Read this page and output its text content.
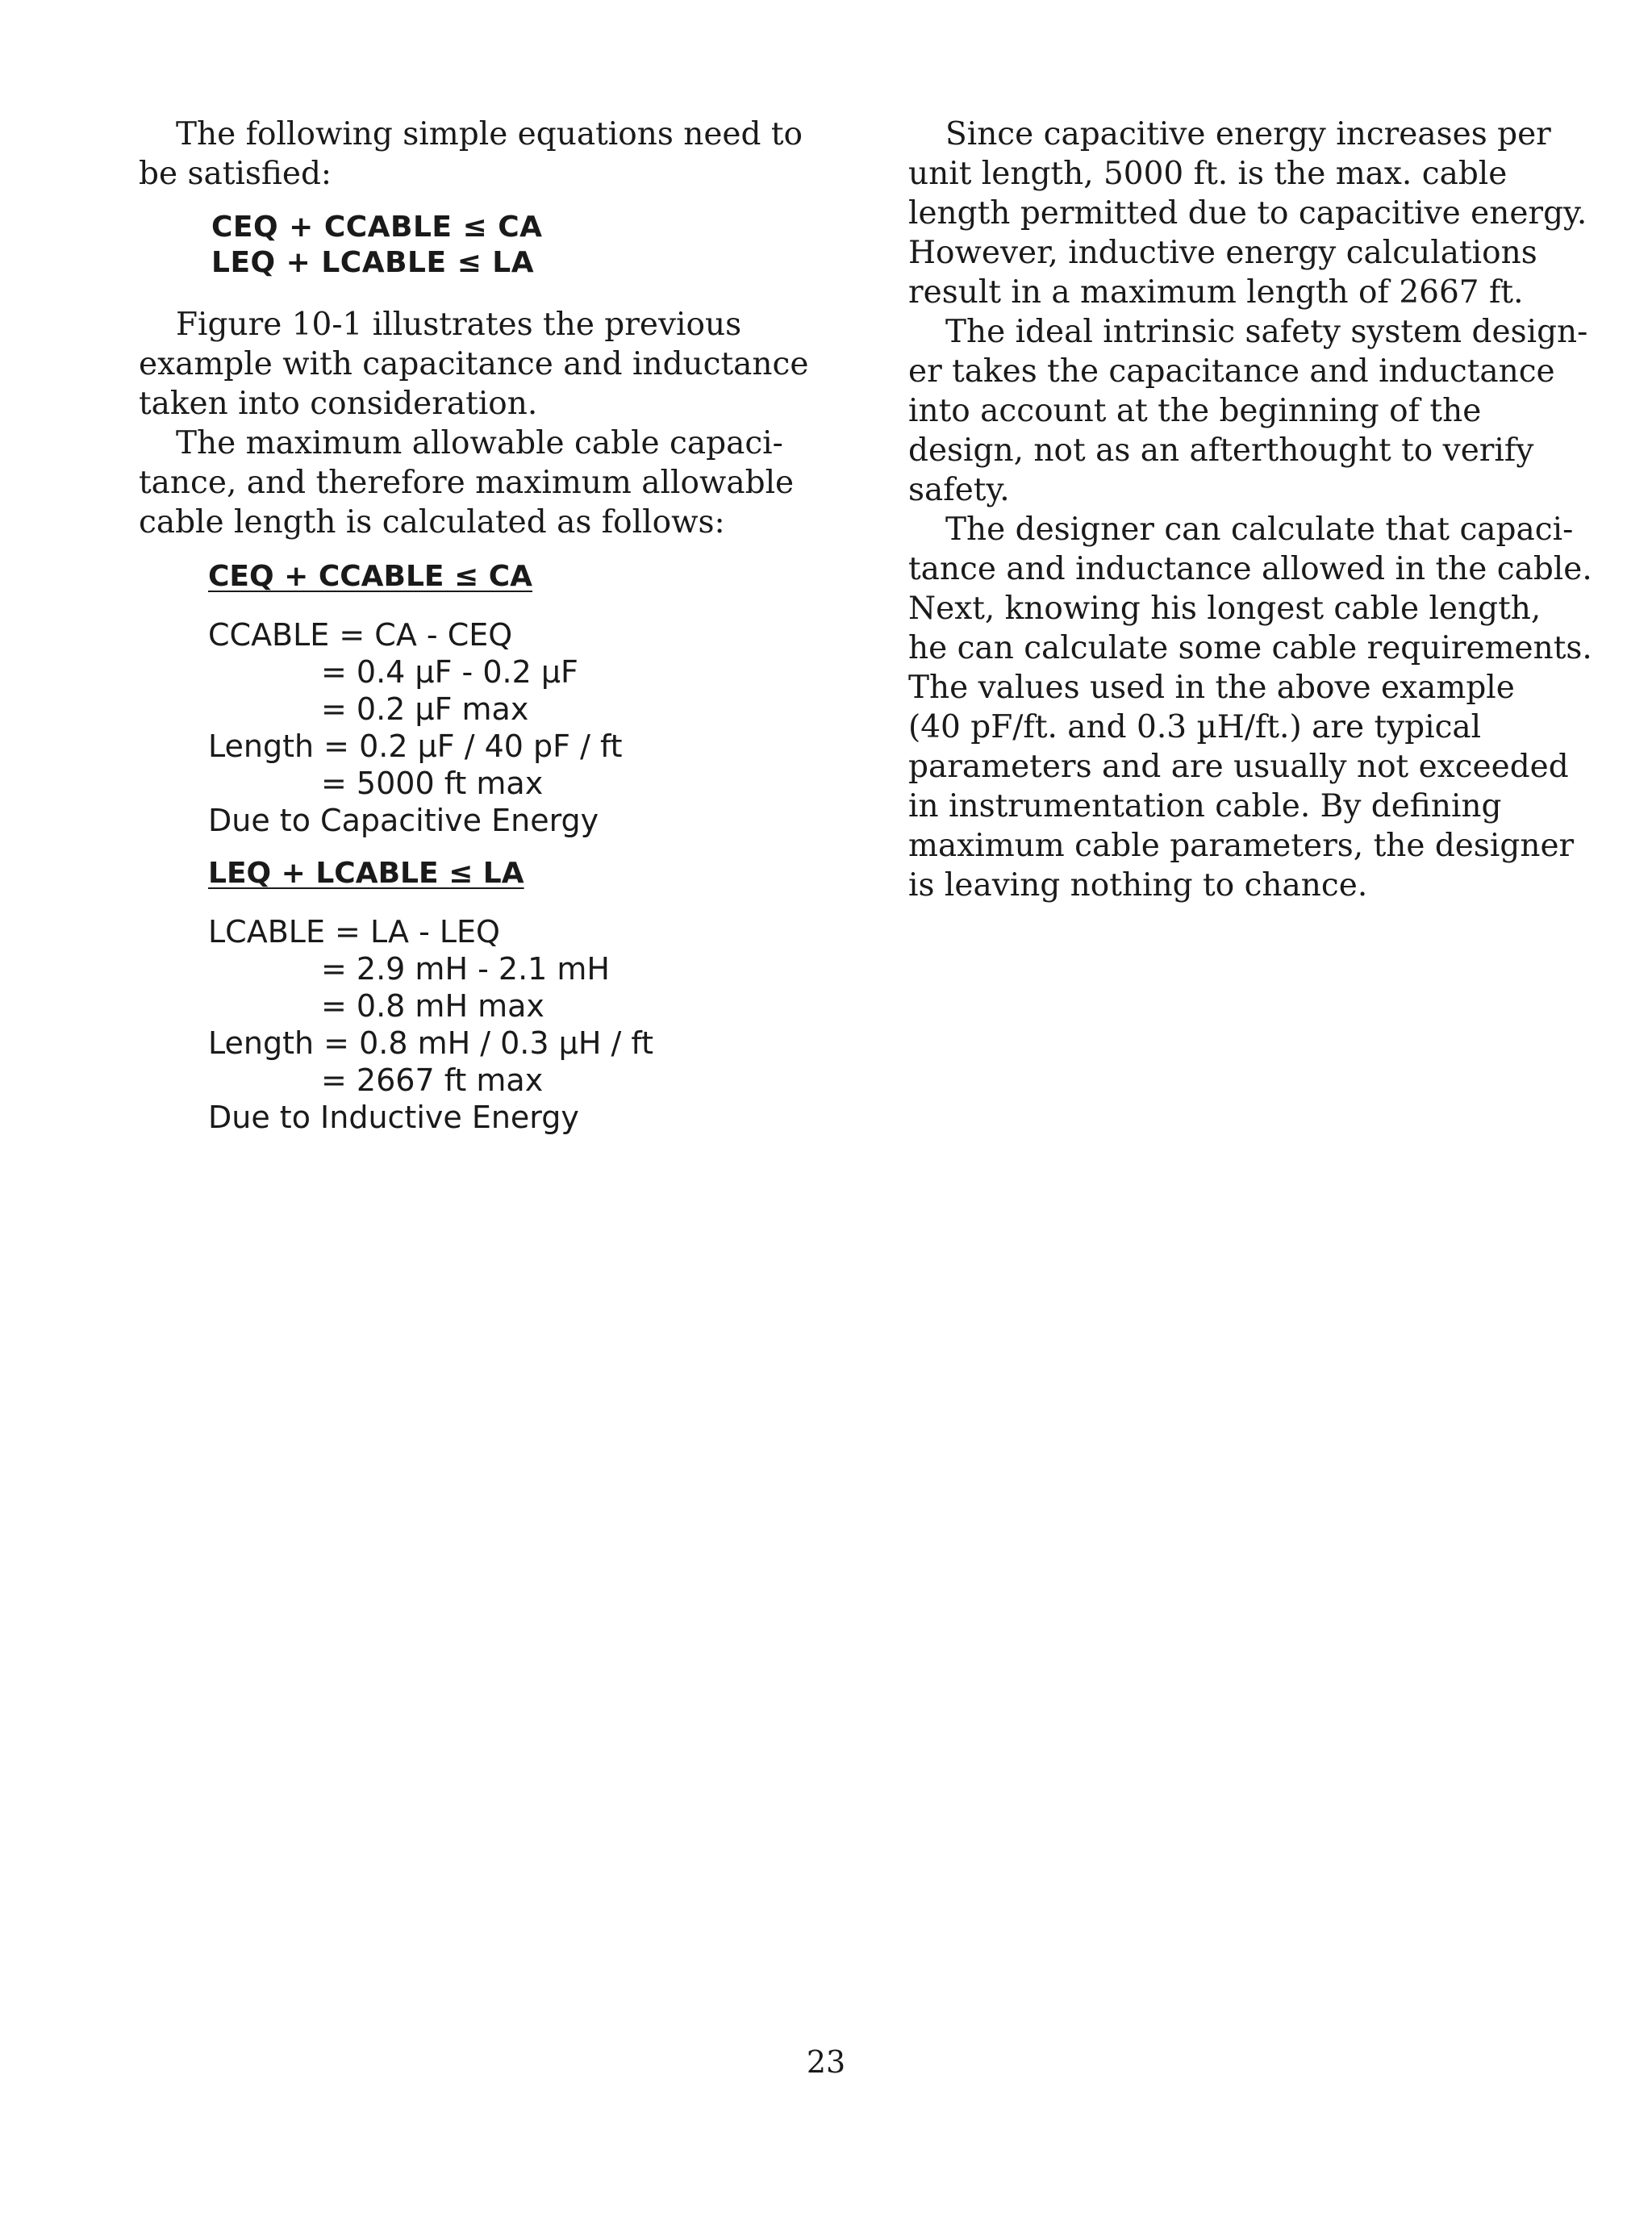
The following simple equations need to
be satisfied:

CEQ + CCABLE ≤ CA
LEQ + LCABLE ≤ LA

Figure 10-1 illustrates the previous
example with capacitance and inductance
taken into consideration.

The maximum allowable cable capaci-
tance, and therefore maximum allowable
cable length is calculated as follows:

CEQ + CCABLE ≤ CA
CCABLE = CA - CEQ
= 0.4 µF - 0.2 µF
= 0.2 µF max
Length = 0.2 µF / 40 pF / ft
= 5000 ft max
Due to Capacitive Energy
LEQ + LCABLE ≤ LA
LCABLE = LA - LEQ
= 2.9 mH - 2.1 mH
= 0.8 mH max
Length = 0.8 mH / 0.3 µH / ft
= 2667 ft max
Due to Inductive Energy

Since capacitive energy increases per
unit length, 5000 ft. is the max. cable
length permitted due to capacitive energy.
However, inductive energy calculations
result in a maximum length of 2667 ft.

The ideal intrinsic safety system design-
er takes the capacitance and inductance
into account at the beginning of the
design, not as an afterthought to verify
safety.

The designer can calculate that capaci-
tance and inductance allowed in the cable.
Next, knowing his longest cable length,
he can calculate some cable requirements.
The values used in the above example
(40 pF/ft. and 0.3 µH/ft.) are typical
parameters and are usually not exceeded
in instrumentation cable. By defining
maximum cable parameters, the designer
is leaving nothing to chance.

23
